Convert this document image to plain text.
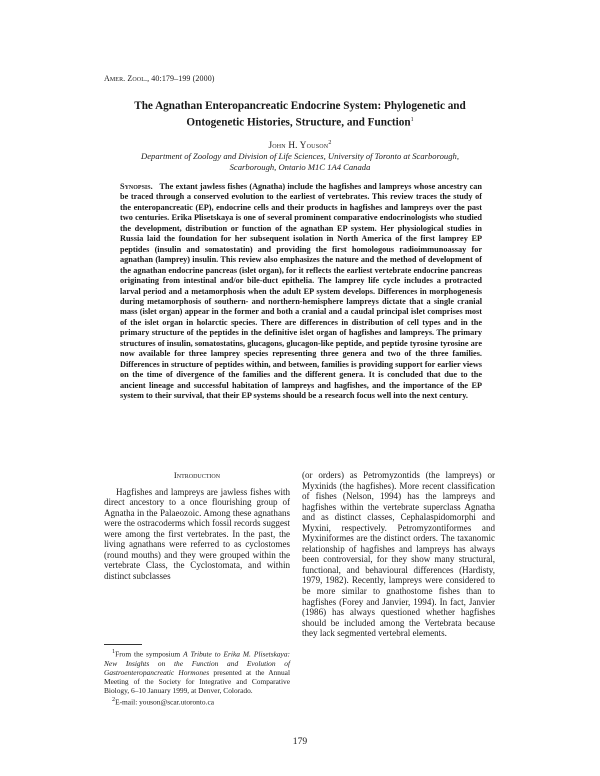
Amer. Zool., 40:179–199 (2000)
The Agnathan Enteropancreatic Endocrine System: Phylogenetic and
Ontogenetic Histories, Structure, and Function$^1$
John H. Youson$^2$
Department of Zoology and Division of Life Sciences, University of Toronto at Scarborough,
Scarborough, Ontario M1C 1A4 Canada
Synopsis. The extant jawless fishes (Agnatha) include the hagfishes and lampreys whose ancestry can be traced through a conserved evolution to the earliest of vertebrates. This review traces the study of the enteropancreatic (EP), endocrine cells and their products in hagfishes and lampreys over the past two centuries. Erika Plisetskaya is one of several prominent comparative endocrinologists who studied the development, distribution or function of the agnathan EP system. Her physiological studies in Russia laid the foundation for her subsequent isolation in North America of the first lamprey EP peptides (insulin and somatostatin) and providing the first homologous radioimmunoassay for agnathan (lamprey) insulin. This review also emphasizes the nature and the method of development of the agnathan endocrine pancreas (islet organ), for it reflects the earliest vertebrate endocrine pancreas originating from intestinal and/or bile-duct epithelia. The lamprey life cycle includes a protracted larval period and a metamorphosis when the adult EP system develops. Differences in morphogenesis during metamorphosis of southern- and northern-hemisphere lampreys dictate that a single cranial mass (islet organ) appear in the former and both a cranial and a caudal principal islet comprises most of the islet organ in holarctic species. There are differences in distribution of cell types and in the primary structure of the peptides in the definitive islet organ of hagfishes and lampreys. The primary structures of insulin, somatostatins, glucagons, glucagon-like peptide, and peptide tyrosine tyrosine are now available for three lamprey species representing three genera and two of the three families. Differences in structure of peptides within, and between, families is providing support for earlier views on the time of divergence of the families and the different genera. It is concluded that due to the ancient lineage and successful habitation of lampreys and hagfishes, and the importance of the EP system to their survival, that their EP systems should be a research focus well into the next century.
Introduction
Hagfishes and lampreys are jawless fishes with direct ancestory to a once flourishing group of Agnatha in the Palaeozoic. Among these agnathans were the ostracoderms which fossil records suggest were among the first vertebrates. In the past, the living agnathans were referred to as cyclostomes (round mouths) and they were grouped within the vertebrate Class, the Cyclostomata, and within distinct subclasses
(or orders) as Petromyzontids (the lampreys) or Myxinids (the hagfishes). More recent classification of fishes (Nelson, 1994) has the lampreys and hagfishes within the vertebrate superclass Agnatha and as distinct classes, Cephalaspidomorphi and Myxini, respectively. Petromyzontiformes and Myxiniformes are the distinct orders. The taxanomic relationship of hagfishes and lampreys has always been controversial, for they show many structural, functional, and behavioural differences (Hardisty, 1979, 1982). Recently, lampreys were considered to be more similar to gnathostome fishes than to hagfishes (Forey and Janvier, 1994). In fact, Janvier (1986) has always questioned whether hagfishes should be included among the Vertebrata because they lack segmented vertebral elements.

$^1$From the symposium A Tribute to Erika M. Plisetskaya: New Insights on the Function and Evolution of Gastroenteropancreatic Hormones presented at the Annual Meeting of the Society for Integrative and Comparative Biology, 6–10 January 1999, at Denver, Colorado.

$^2$E-mail: youson@scar.utoronto.ca

179
